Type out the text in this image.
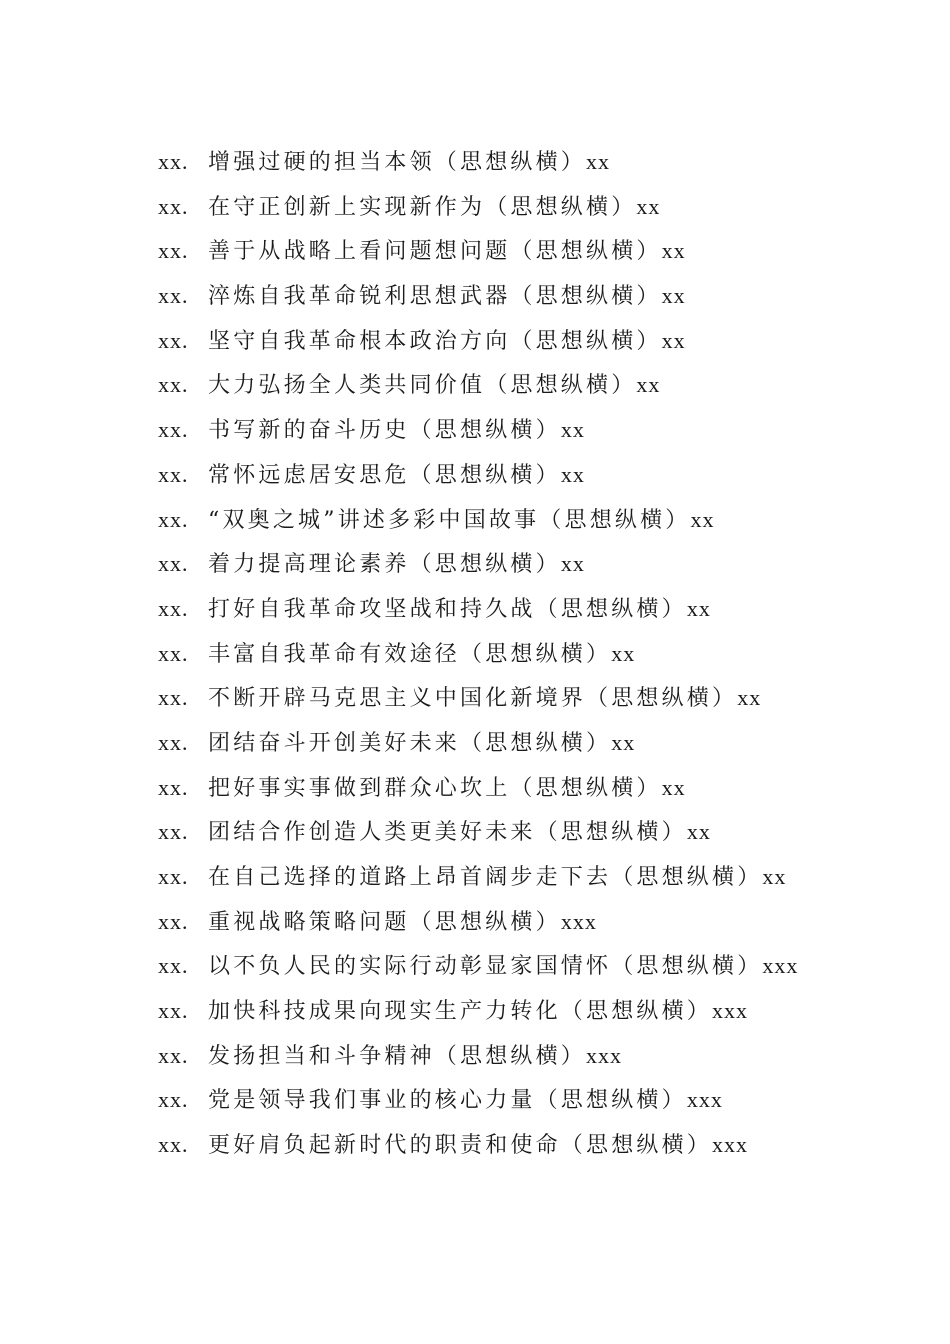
xx. 增强过硬的担当本领（思想纵横）xx
xx. 在守正创新上实现新作为（思想纵横）xx
xx. 善于从战略上看问题想问题（思想纵横）xx
xx. 淬炼自我革命锐利思想武器（思想纵横）xx
xx. 坚守自我革命根本政治方向（思想纵横）xx
xx. 大力弘扬全人类共同价值（思想纵横）xx
xx. 书写新的奋斗历史（思想纵横）xx
xx. 常怀远虑居安思危（思想纵横）xx
xx. “双奥之城”讲述多彩中国故事（思想纵横）xx
xx. 着力提高理论素养（思想纵横）xx
xx. 打好自我革命攻坚战和持久战（思想纵横）xx
xx. 丰富自我革命有效途径（思想纵横）xx
xx. 不断开辟马克思主义中国化新境界（思想纵横）xx
xx. 团结奋斗开创美好未来（思想纵横）xx
xx. 把好事实事做到群众心坎上（思想纵横）xx
xx. 团结合作创造人类更美好未来（思想纵横）xx
xx. 在自己选择的道路上昂首阔步走下去（思想纵横）xx
xx. 重视战略策略问题（思想纵横）xxx
xx. 以不负人民的实际行动彰显家国情怀（思想纵横）xxx
xx. 加快科技成果向现实生产力转化（思想纵横）xxx
xx. 发扬担当和斗争精神（思想纵横）xxx
xx. 党是领导我们事业的核心力量（思想纵横）xxx
xx. 更好肩负起新时代的职责和使命（思想纵横）xxx
